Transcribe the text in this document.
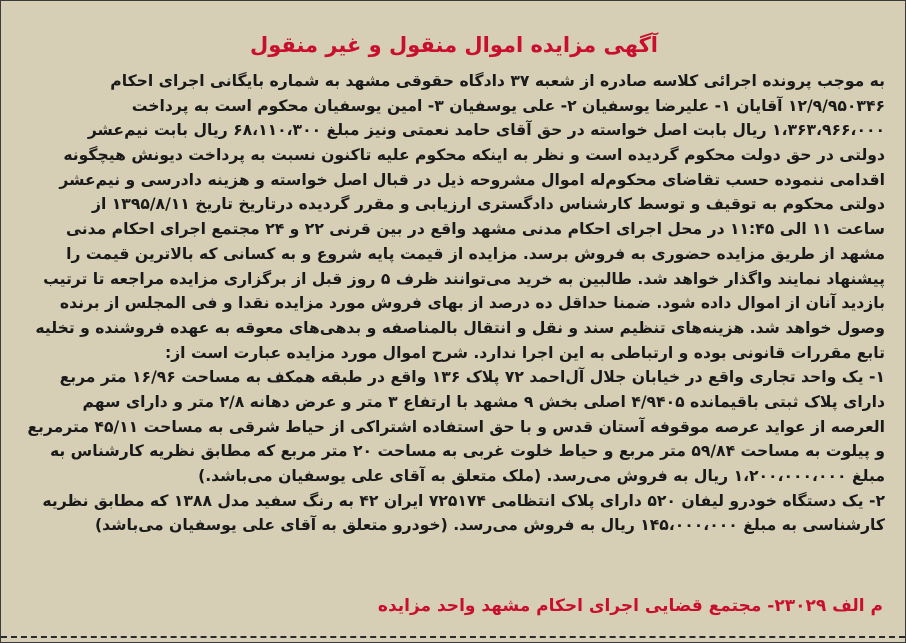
آگهی مزایده اموال منقول و غیر منقول
به موجب پرونده اجرائی کلاسه صادره از شعبه ۳۷ دادگاه حقوقی مشهد به شماره بایگانی اجرای احکام
۱۲/۹/۹۵۰۳۴۶ آقایان ۱- علیرضا یوسفیان ۲- علی یوسفیان ۳- امین یوسفیان محکوم است به پرداخت
۱،۳۶۳،۹۶۶،۰۰۰ ریال بابت اصل خواسته در حق آقای حامد نعمتی ونیز مبلغ ۶۸،۱۱۰،۳۰۰ ریال بابت نیم‌عشر
دولتی در حق دولت محکوم گردیده است و نظر به اینکه محکوم علیه تاکنون نسبت به پرداخت دیونش هیچگونه
اقدامی ننموده حسب تقاضای محکوم‌له اموال مشروحه ذیل در قبال اصل خواسته و هزینه دادرسی و نیم‌عشر
دولتی محکوم به توقیف و توسط کارشناس دادگستری ارزیابی و مقرر گردیده درتاریخ تاریخ ۱۳۹۵/۸/۱۱ از
ساعت ۱۱ الی ۱۱:۴۵ در محل اجرای احکام مدنی مشهد واقع در بین قرنی ۲۲ و ۲۴ مجتمع اجرای احکام مدنی
مشهد از طریق مزایده حضوری به فروش برسد. مزایده از قیمت پایه شروع و به کسانی که بالاترین قیمت را
پیشنهاد نمایند واگذار خواهد شد. طالبین به خرید می‌توانند ظرف ۵ روز قبل از برگزاری مزایده مراجعه تا ترتیب
بازدید آنان از اموال داده شود. ضمنا حداقل ده درصد از بهای فروش مورد مزایده نقدا و فی المجلس از برنده
وصول خواهد شد. هزینه‌های تنظیم سند و نقل و انتقال بالمناصفه و بدهی‌های معوقه به عهده فروشنده و تخلیه
تابع مقررات قانونی بوده و ارتباطی به این اجرا ندارد. شرح اموال مورد مزایده عبارت است از:
۱- یک واحد تجاری واقع در خیابان جلال آل‌احمد ۷۲ پلاک ۱۳۶ واقع در طبقه همکف به مساحت ۱۶/۹۶ متر مربع
دارای پلاک ثبتی باقیمانده ۴/۹۴۰۵ اصلی بخش ۹ مشهد با ارتفاع ۳ متر و عرض دهانه ۲/۸ متر و دارای سهم
العرصه از عواید عرصه موقوفه آستان قدس و با حق استفاده اشتراکی از حیاط شرقی به مساحت ۴۵/۱۱ مترمربع
و پیلوت به مساحت ۵۹/۸۴ متر مربع و حیاط خلوت غربی به مساحت ۲۰ متر مربع که مطابق نظریه کارشناس به
مبلغ ۱،۲۰۰،۰۰۰،۰۰۰ ریال به فروش می‌رسد. (ملک متعلق به آقای علی یوسفیان می‌باشد.)
۲- یک دستگاه خودرو لیفان ۵۲۰ دارای پلاک انتظامی ۷۲۵۱۷۴ ایران ۴۲ به رنگ سفید مدل ۱۳۸۸ که مطابق نظریه
کارشناسی به مبلغ ۱۴۵،۰۰۰،۰۰۰ ریال به فروش می‌رسد. (خودرو متعلق به آقای علی یوسفیان می‌باشد)
م الف ۲۳۰۲۹- مجتمع قضایی اجرای احکام مشهد واحد مزایده
